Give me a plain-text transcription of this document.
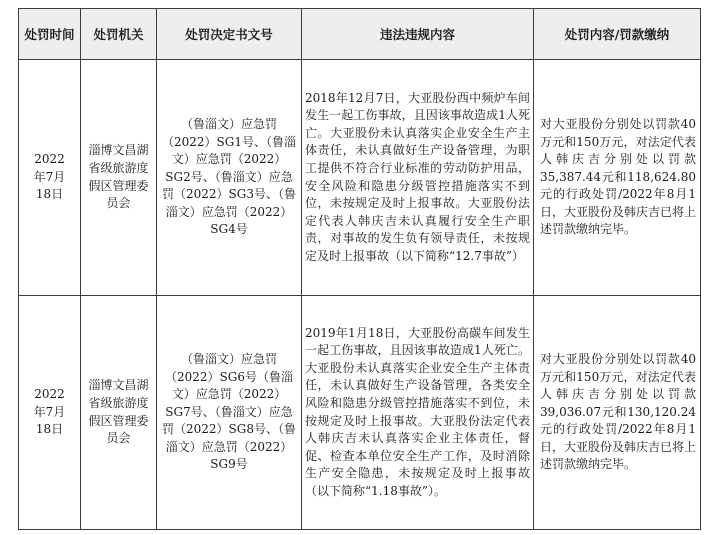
处罚时间	处罚机关	处罚决定书文号	违法违规内容	处罚内容/罚款缴纳
2022年7月18日	淄博文昌湖省级旅游度假区管理委员会	（鲁淄文）应急罚（2022）SG1号、（鲁淄文）应急罚（2022）SG2号、（鲁淄文）应急罚（2022）SG3号、（鲁淄文）应急罚（2022）SG4号	2018年12月7日，大亚股份西中频炉车间发生一起工伤事故，且因该事故造成1人死亡。大亚股份未认真落实企业安全生产主体责任，未认真做好生产设备管理，为职工提供不符合行业标准的劳动防护用品，安全风险和隐患分级管控措施落实不到位，未按规定及时上报事故。大亚股份法定代表人韩庆吉未认真履行安全生产职责，对事故的发生负有领导责任，未按规定及时上报事故（以下简称“12.7事故”）	对大亚股份分别处以罚款40万元和150万元，对法定代表人韩庆吉分别处以罚款35,387.44元和118,624.80元的行政处罚/2022年8月1日，大亚股份及韩庆吉已将上述罚款缴纳完毕。
2022年7月18日	淄博文昌湖省级旅游度假区管理委员会	（鲁淄文）应急罚（2022）SG6号（鲁淄文）应急罚（2022）SG7号、（鲁淄文）应急罚（2022）SG8号、（鲁淄文）应急罚（2022）SG9号	2019年1月18日，大亚股份高碳车间发生一起工伤事故，且因该事故造成1人死亡。大亚股份未认真落实企业安全生产主体责任，未认真做好生产设备管理，各类安全风险和隐患分级管控措施落实不到位，未按规定及时上报事故。大亚股份法定代表人韩庆吉未认真落实企业主体责任，督促、检查本单位安全生产工作，及时消除生产安全隐患，未按规定及时上报事故（以下简称“1.18事故”）。	对大亚股份分别处以罚款40万元和150万元，对法定代表人韩庆吉分别处以罚款39,036.07元和130,120.24元的行政处罚/2022年8月1日，大亚股份及韩庆吉已将上述罚款缴纳完毕。
